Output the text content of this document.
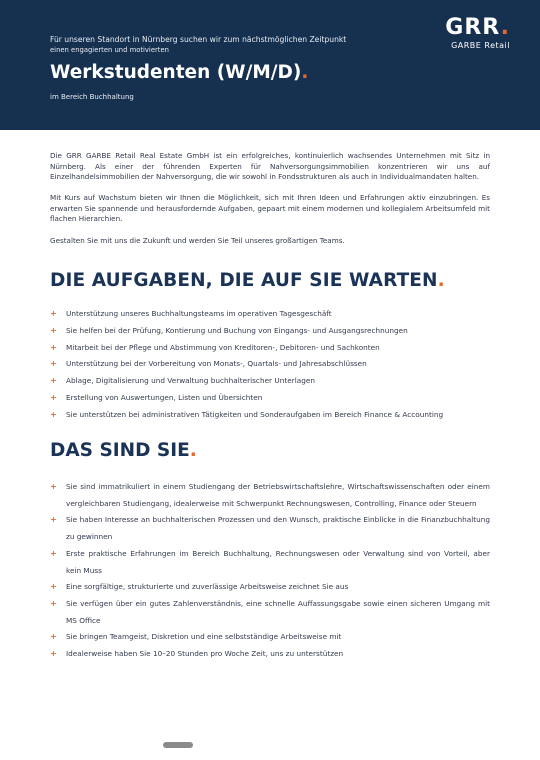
Für unseren Standort in Nürnberg suchen wir zum nächstmöglichen Zeitpunkt
einen engagierten und motivierten
Werkstudenten (W/M/D).
im Bereich Buchhaltung
GRR.
GARBE Retail

Die GRR GARBE Retail Real Estate GmbH ist ein erfolgreiches, kontinuierlich wachsendes Unternehmen mit Sitz in Nürnberg. Als einer der führenden Experten für Nahversorgungsimmobilien konzentrieren wir uns auf Einzelhandelsimmobilien der Nahversorgung, die wir sowohl in Fondsstrukturen als auch in Individualmandaten halten.

Mit Kurs auf Wachstum bieten wir Ihnen die Möglichkeit, sich mit Ihren Ideen und Erfahrungen aktiv einzubringen. Es erwarten Sie spannende und herausfordernde Aufgaben, gepaart mit einem modernen und kollegialem Arbeitsumfeld mit flachen Hierarchien.

Gestalten Sie mit uns die Zukunft und werden Sie Teil unseres großartigen Teams.

DIE AUFGABEN, DIE AUF SIE WARTEN.
+ Unterstützung unseres Buchhaltungsteams im operativen Tagesgeschäft
+ Sie helfen bei der Prüfung, Kontierung und Buchung von Eingangs- und Ausgangsrechnungen
+ Mitarbeit bei der Pflege und Abstimmung von Kreditoren-, Debitoren- und Sachkonten
+ Unterstützung bei der Vorbereitung von Monats-, Quartals- und Jahresabschlüssen
+ Ablage, Digitalisierung und Verwaltung buchhalterischer Unterlagen
+ Erstellung von Auswertungen, Listen und Übersichten
+ Sie unterstützen bei administrativen Tätigkeiten und Sonderaufgaben im Bereich Finance & Accounting
DAS SIND SIE.
+ Sie sind immatrikuliert in einem Studiengang der Betriebswirtschaftslehre, Wirtschaftswissenschaften oder einem vergleichbaren Studiengang, idealerweise mit Schwerpunkt Rechnungswesen, Controlling, Finance oder Steuern
+ Sie haben Interesse an buchhalterischen Prozessen und den Wunsch, praktische Einblicke in die Finanzbuchhaltung zu gewinnen
+ Erste praktische Erfahrungen im Bereich Buchhaltung, Rechnungswesen oder Verwaltung sind von Vorteil, aber kein Muss
+ Eine sorgfältige, strukturierte und zuverlässige Arbeitsweise zeichnet Sie aus
+ Sie verfügen über ein gutes Zahlenverständnis, eine schnelle Auffassungsgabe sowie einen sicheren Umgang mit MS Office
+ Sie bringen Teamgeist, Diskretion und eine selbstständige Arbeitsweise mit
+ Idealerweise haben Sie 10–20 Stunden pro Woche Zeit, uns zu unterstützen
